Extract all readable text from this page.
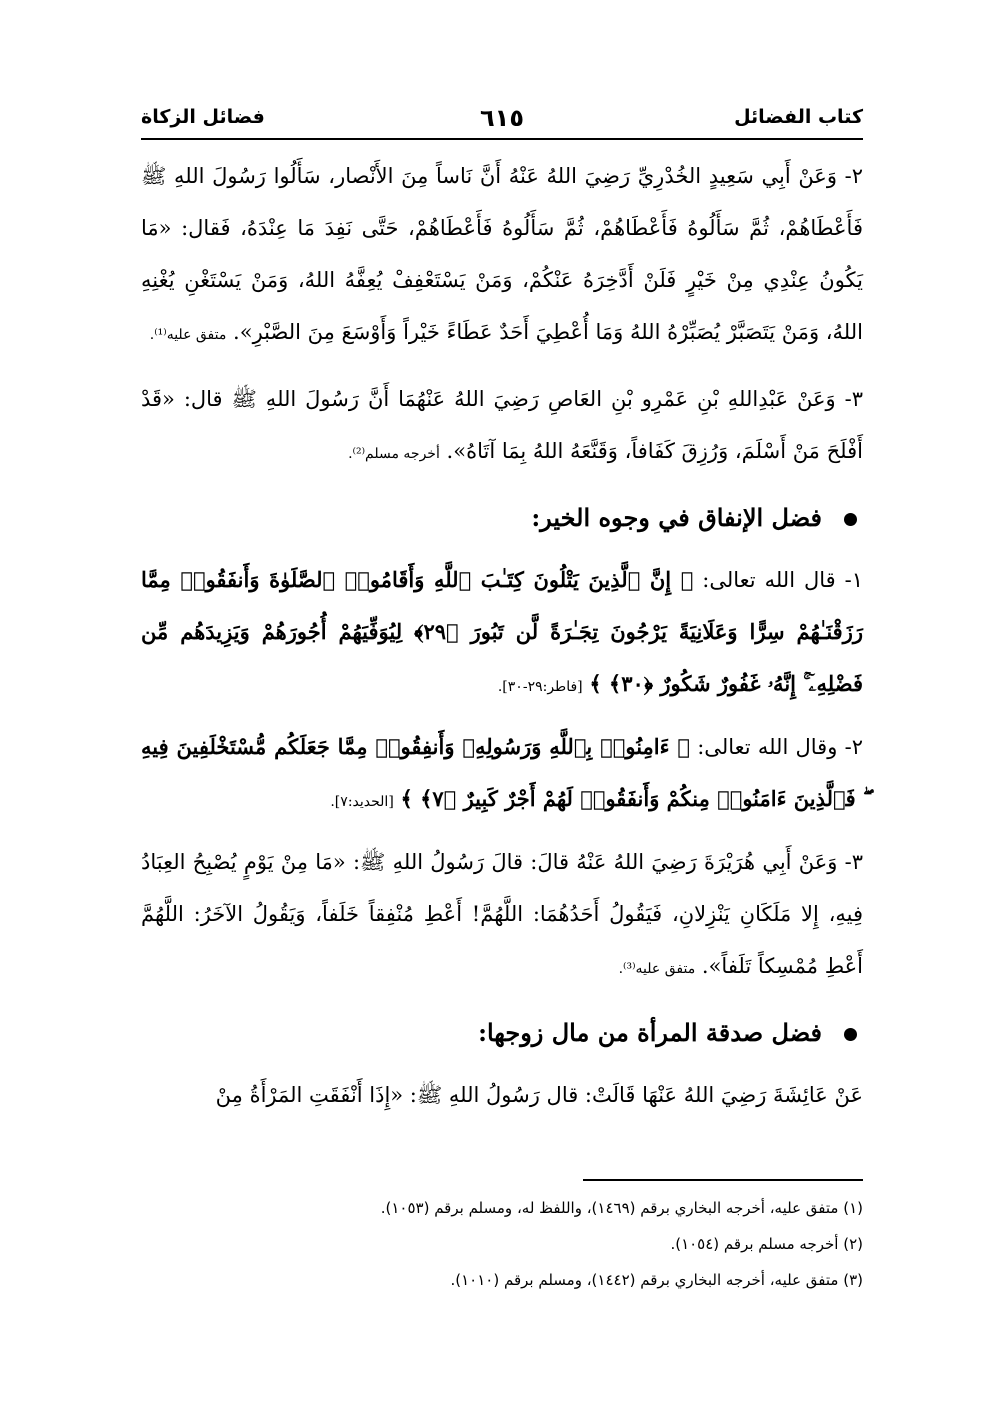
كتاب الفضائل
٦١٥
فضائل الزكاة

٢- وَعَنْ أَبِي سَعِيدٍ الخُدْرِيِّ رَضِيَ اللهُ عَنْهُ أَنَّ نَاساً مِنَ الأَنْصار، سَأَلُوا رَسُولَ اللهِ ﷺ فَأَعْطَاهُمْ، ثُمَّ سَأَلُوهُ فَأَعْطَاهُمْ، ثُمَّ سَأَلُوهُ فَأَعْطَاهُمْ، حَتَّى نَفِدَ مَا عِنْدَهُ، فَقال: «مَا يَكُونُ عِنْدِي مِنْ خَيْرٍ فَلَنْ أَدَّخِرَهُ عَنْكُمْ، وَمَنْ يَسْتَعْفِفْ يُعِفَّهُ اللهُ، وَمَنْ يَسْتَغْنِ يُغْنِهِ اللهُ، وَمَنْ يَتَصَبَّرْ يُصَبِّرْهُ اللهُ وَمَا أُعْطِيَ أَحَدٌ عَطَاءً خَيْراً وَأَوْسَعَ مِنَ الصَّبْرِ». متفق عليه⁽¹⁾.

٣- وَعَنْ عَبْدِاللهِ بْنِ عَمْرِو بْنِ العَاصِ رَضِيَ اللهُ عَنْهُمَا أَنَّ رَسُولَ اللهِ ﷺ قال: «قَدْ أَفْلَحَ مَنْ أَسْلَمَ، وَرُزِقَ كَفَافاً، وَقَنَّعَهُ اللهُ بِمَا آتَاهُ». أخرجه مسلم⁽²⁾.

فضل الإنفاق في وجوه الخير:

١- قال الله تعالى: ﴿ إِنَّ ٱلَّذِينَ يَتْلُونَ كِتَـٰبَ ٱللَّهِ وَأَقَامُوا۟ ٱلصَّلَوٰةَ وَأَنفَقُوا۟ مِمَّا رَزَقْنَـٰهُمْ سِرًّا وَعَلَانِيَةً يَرْجُونَ تِجَـٰرَةً لَّن تَبُورَ ﴿٢٩﴾ لِيُوَفِّيَهُمْ أُجُورَهُمْ وَيَزِيدَهُم مِّن فَضْلِهِۦٓ ۚ إِنَّهُۥ غَفُورٌ شَكُورٌ ﴿٣٠﴾ ﴾ [فاطر:٢٩-٣٠].

٢- وقال الله تعالى: ﴿ ءَامِنُوا۟ بِٱللَّهِ وَرَسُولِهِۦ وَأَنفِقُوا۟ مِمَّا جَعَلَكُم مُّسْتَخْلَفِينَ فِيهِ ۖ فَٱلَّذِينَ ءَامَنُوا۟ مِنكُمْ وَأَنفَقُوا۟ لَهُمْ أَجْرٌ كَبِيرٌ ﴿٧﴾ ﴾ [الحديد:٧].

٣- وَعَنْ أَبِي هُرَيْرَةَ رَضِيَ اللهُ عَنْهُ قالَ: قالَ رَسُولُ اللهِ ﷺ: «مَا مِنْ يَوْمٍ يُصْبِحُ العِبَادُ فِيهِ، إِلا مَلَكَانِ يَنْزِلانِ، فَيَقُولُ أَحَدُهُمَا: اللَّهُمَّ! أَعْطِ مُنْفِقاً خَلَفاً، وَيَقُولُ الآخَرُ: اللَّهُمَّ أَعْطِ مُمْسِكاً تَلَفاً». متفق عليه⁽³⁾.

فضل صدقة المرأة من مال زوجها:

عَنْ عَائِشَةَ رَضِيَ اللهُ عَنْهَا قَالَتْ: قال رَسُولُ اللهِ ﷺ: «إِذَا أَنْفَقَتِ المَرْأَةُ مِنْ

(١) متفق عليه، أخرجه البخاري برقم (١٤٦٩)، واللفظ له، ومسلم برقم (١٠٥٣).

(٢) أخرجه مسلم برقم (١٠٥٤).

(٣) متفق عليه، أخرجه البخاري برقم (١٤٤٢)، ومسلم برقم (١٠١٠).
